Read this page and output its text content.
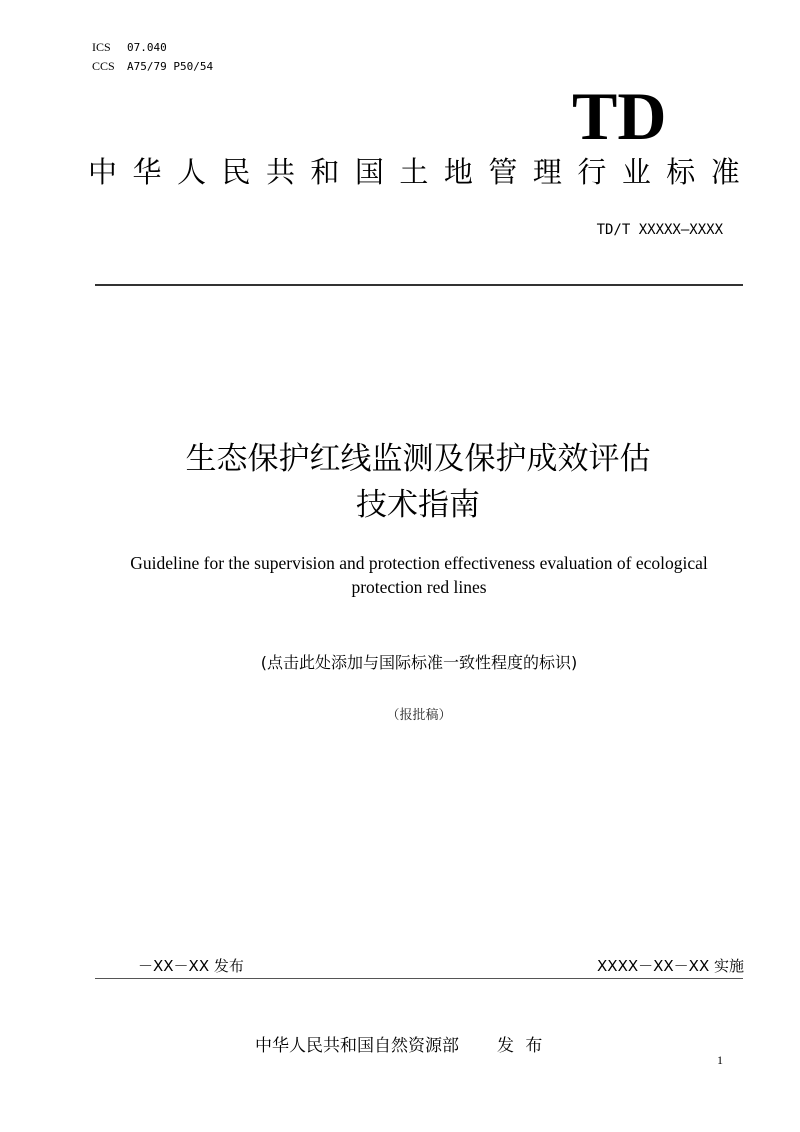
ICS 07.040
CCS A75/79 P50/54
TD
中 华 人 民 共 和 国 土 地 管 理 行 业 标 准
TD/T XXXXX—XXXX
生态保护红线监测及保护成效评估
技术指南
Guideline for the supervision and protection effectiveness evaluation of ecological protection red lines
(点击此处添加与国际标准一致性程度的标识)
（报批稿）
－XX－XX 发布	XXXX－XX－XX 实施
中华人民共和国自然资源部 发 布
1
